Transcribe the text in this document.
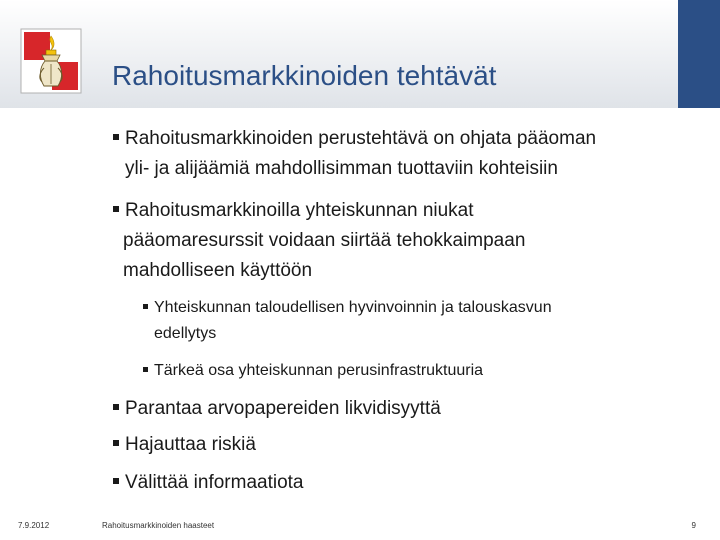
Rahoitusmarkkinoiden tehtävät
Rahoitusmarkkinoiden perustehtävä on ohjata pääoman
yli- ja alijäämiä mahdollisimman tuottaviin kohteisiin
Rahoitusmarkkinoilla yhteiskunnan niukat
pääomaresurssit voidaan siirtää tehokkaimpaan
mahdolliseen käyttöön
Yhteiskunnan taloudellisen hyvinvoinnin ja talouskasvun
edellytys
Tärkeä osa yhteiskunnan perusinfrastruktuuria
Parantaa arvopapereiden likvidisyyttä
Hajauttaa riskiä
Välittää informaatiota
7.9.2012	Rahoitusmarkkinoiden haasteet	9
